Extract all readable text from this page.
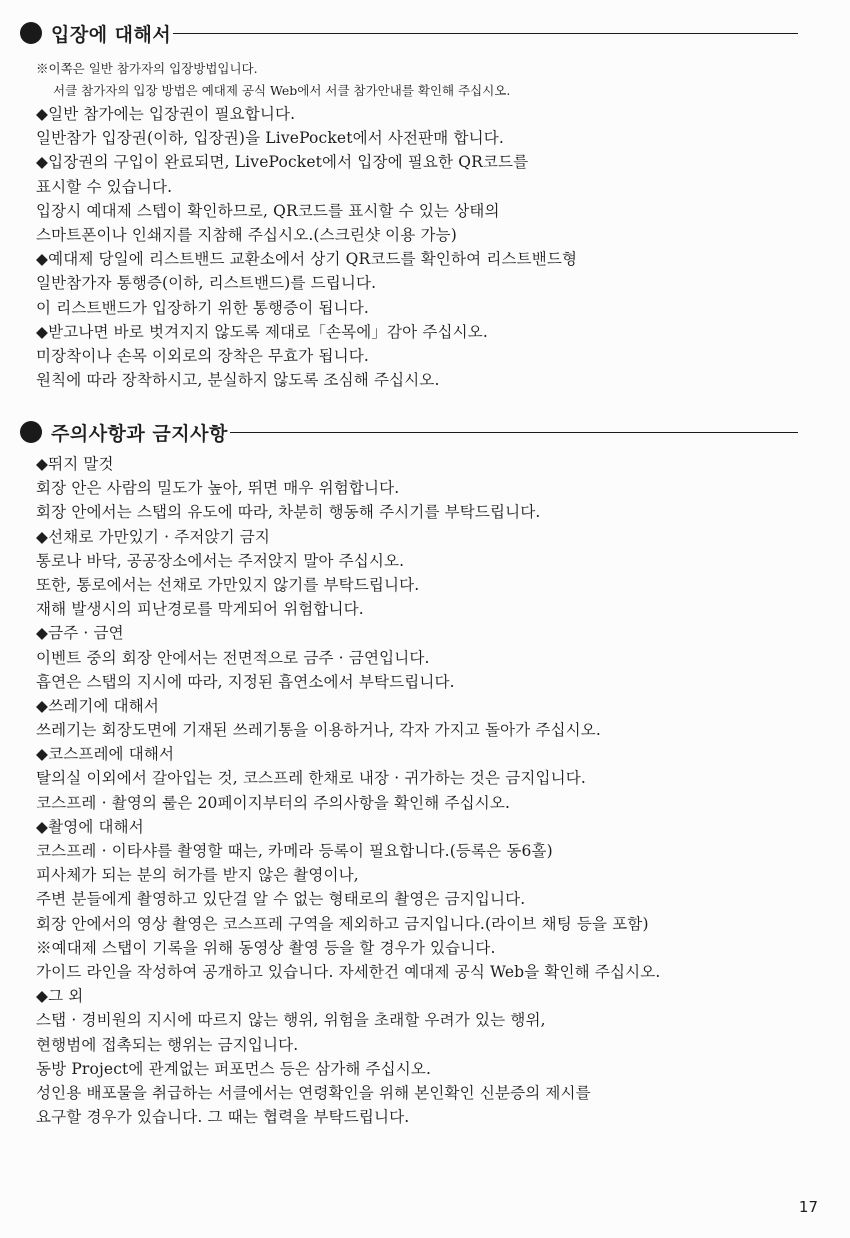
입장에 대해서
※이쪽은 일반 참가자의 입장방법입니다.
서클 참가자의 입장 방법은 예대제 공식 Web에서 서클 참가안내를 확인해 주십시오.
◆일반 참가에는 입장권이 필요합니다.
일반참가 입장권(이하, 입장권)을 LivePocket에서 사전판매 합니다.
◆입장권의 구입이 완료되면, LivePocket에서 입장에 필요한 QR코드를
표시할 수 있습니다.
입장시 예대제 스텝이 확인하므로, QR코드를 표시할 수 있는 상태의
스마트폰이나 인쇄지를 지참해 주십시오.(스크린샷 이용 가능)
◆예대제 당일에 리스트밴드 교환소에서 상기 QR코드를 확인하여 리스트밴드형
일반참가자 통행증(이하, 리스트밴드)를 드립니다.
이 리스트밴드가 입장하기 위한 통행증이 됩니다.
◆받고나면 바로 벗겨지지 않도록 제대로「손목에」감아 주십시오.
미장착이나 손목 이외로의 장착은 무효가 됩니다.
원칙에 따라 장착하시고, 분실하지 않도록 조심해 주십시오.
주의사항과 금지사항
◆뛰지 말것
회장 안은 사람의 밀도가 높아, 뛰면 매우 위험합니다.
회장 안에서는 스탭의 유도에 따라, 차분히 행동해 주시기를 부탁드립니다.
◆선채로 가만있기 · 주저앉기 금지
통로나 바닥, 공공장소에서는 주저앉지 말아 주십시오.
또한, 통로에서는 선채로 가만있지 않기를 부탁드립니다.
재해 발생시의 피난경로를 막게되어 위험합니다.
◆금주 · 금연
이벤트 중의 회장 안에서는 전면적으로 금주 · 금연입니다.
흡연은 스탭의 지시에 따라, 지정된 흡연소에서 부탁드립니다.
◆쓰레기에 대해서
쓰레기는 회장도면에 기재된 쓰레기통을 이용하거나, 각자 가지고 돌아가 주십시오.
◆코스프레에 대해서
탈의실 이외에서 갈아입는 것, 코스프레 한채로 내장 · 귀가하는 것은 금지입니다.
코스프레 · 촬영의 룰은 20페이지부터의 주의사항을 확인해 주십시오.
◆촬영에 대해서
코스프레 · 이타샤를 촬영할 때는, 카메라 등록이 필요합니다.(등록은 동6홀)
피사체가 되는 분의 허가를 받지 않은 촬영이나,
주변 분들에게 촬영하고 있단걸 알 수 없는 형태로의 촬영은 금지입니다.
회장 안에서의 영상 촬영은 코스프레 구역을 제외하고 금지입니다.(라이브 채팅 등을 포함)
※예대제 스탭이 기록을 위해 동영상 촬영 등을 할 경우가 있습니다.
가이드 라인을 작성하여 공개하고 있습니다. 자세한건 예대제 공식 Web을 확인해 주십시오.
◆그 외
스탭 · 경비원의 지시에 따르지 않는 행위, 위험을 초래할 우려가 있는 행위,
현행범에 접촉되는 행위는 금지입니다.
동방 Project에 관계없는 퍼포먼스 등은 삼가해 주십시오.
성인용 배포물을 취급하는 서클에서는 연령확인을 위해 본인확인 신분증의 제시를
요구할 경우가 있습니다. 그 때는 협력을 부탁드립니다.
17
